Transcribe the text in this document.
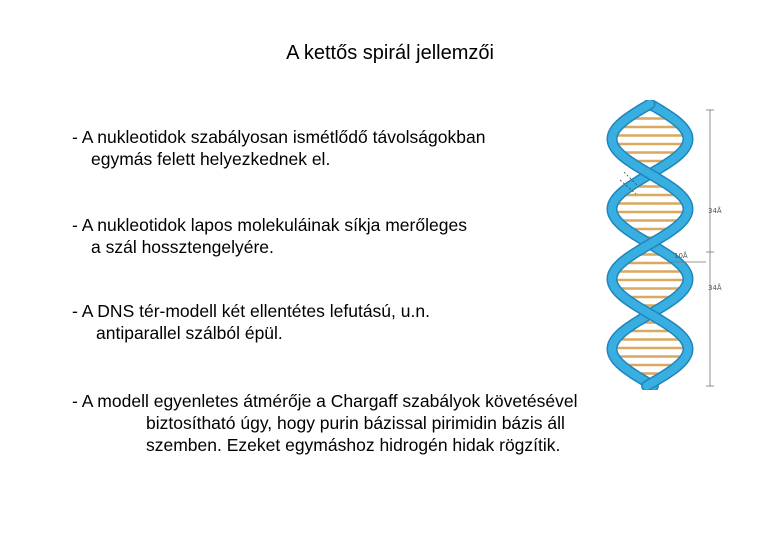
A kettős spirál jellemzői
- A nukleotidok szabályosan ismétlődő távolságokban
egymás felett helyezkednek el.
- A nukleotidok lapos molekuláinak síkja merőleges
a szál hossztengelyére.
- A DNS tér-modell két ellentétes lefutású, u.n.
antiparallel szálból épül.
- A modell egyenletes átmérője a Chargaff szabályok követésével
biztosítható úgy, hogy purin bázissal pirimidin bázis áll
szemben. Ezeket egymáshoz hidrogén hidak rögzítik.
34Å
10Å
34Å
